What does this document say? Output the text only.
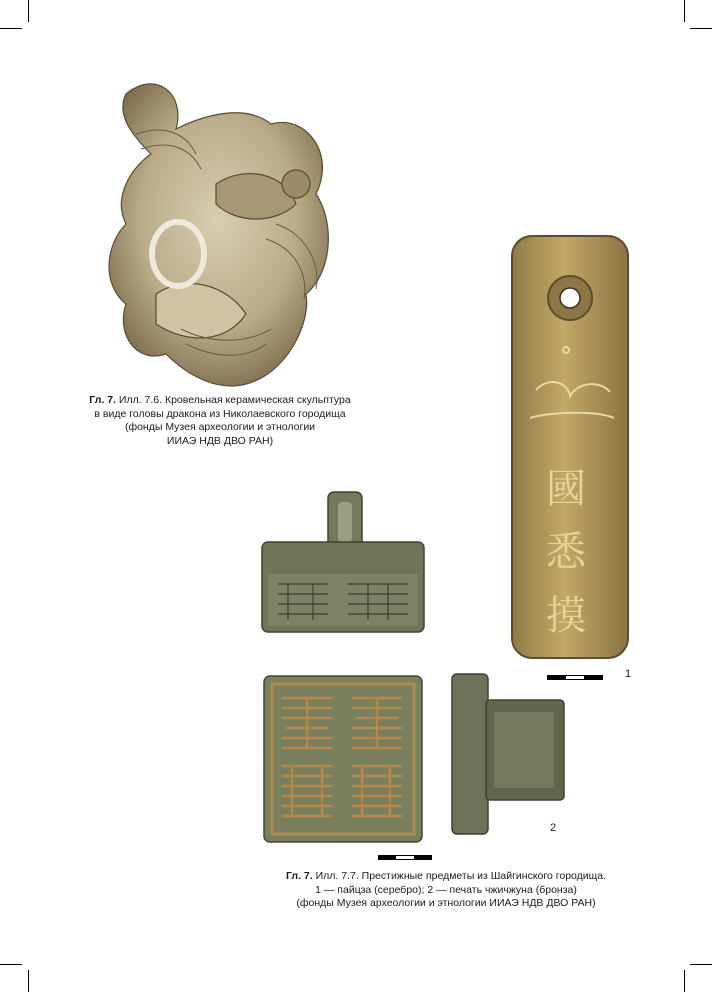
Гл. 7. Илл. 7.6. Кровельная керамическая скульптура
в виде головы дракона из Николаевского городища
(фонды Музея археологии и этнологии
ИИАЭ НДВ ДВО РАН)
國
悉
摸
1
2
Гл. 7. Илл. 7.7. Престижные предметы из Шайгинского городища.
1 — пайцза (серебро); 2 — печать чжичжуна (бронза)
(фонды Музея археологии и этнологии ИИАЭ НДВ ДВО РАН)
